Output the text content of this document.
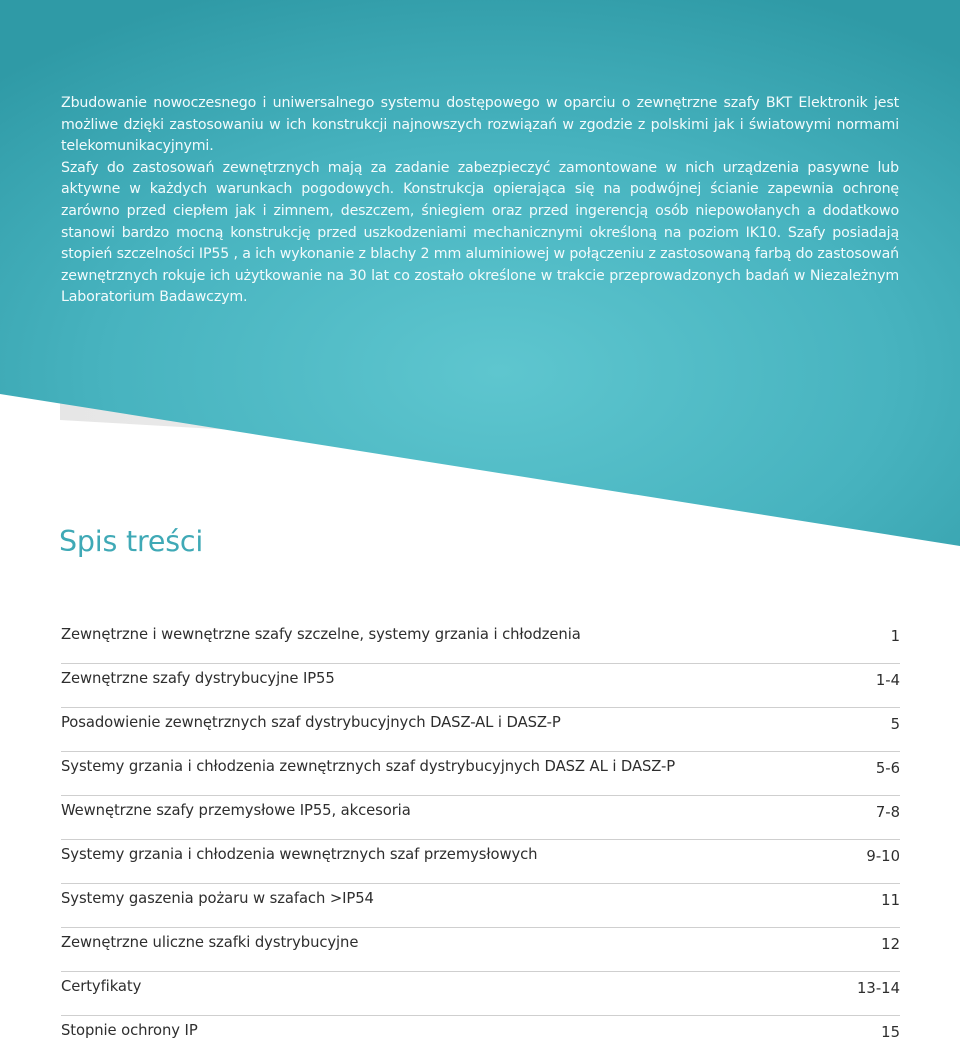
Zbudowanie nowoczesnego i uniwersalnego systemu dostępowego w oparciu o zewnętrzne szafy BKT Elektronik jest możliwe dzięki zastosowaniu w ich konstrukcji najnowszych rozwiązań w zgodzie z polskimi jak i światowymi normami telekomunikacyjnymi.

Szafy do zastosowań zewnętrznych mają za zadanie zabezpieczyć zamontowane w nich urządzenia pasywne lub aktywne w każdych warunkach pogodowych. Konstrukcja opierająca się na podwójnej ścianie zapewnia ochronę zarówno przed ciepłem jak i zimnem, deszczem, śniegiem oraz przed ingerencją osób niepowołanych a dodatkowo stanowi bardzo mocną konstrukcję przed uszkodzeniami mechanicznymi określoną na poziom IK10. Szafy posiadają stopień szczelności IP55 , a ich wykonanie z blachy 2 mm aluminiowej w połączeniu z zastosowaną farbą do zastosowań zewnętrznych rokuje ich użytkowanie na 30 lat co zostało określone w trakcie przeprowadzonych badań w Niezależnym Laboratorium Badawczym.

Spis treści
Zewnętrzne i wewnętrzne szafy szczelne, systemy grzania i chłodzenia	1
Zewnętrzne szafy dystrybucyjne IP55	1-4
Posadowienie zewnętrznych szaf dystrybucyjnych DASZ-AL i DASZ-P	5
Systemy grzania i chłodzenia zewnętrznych szaf dystrybucyjnych DASZ AL i DASZ-P	5-6
Wewnętrzne szafy przemysłowe IP55, akcesoria	7-8
Systemy grzania i chłodzenia wewnętrznych szaf przemysłowych	9-10
Systemy gaszenia pożaru w szafach >IP54	11
Zewnętrzne uliczne szafki dystrybucyjne	12
Certyfikaty	13-14
Stopnie ochrony IP	15
